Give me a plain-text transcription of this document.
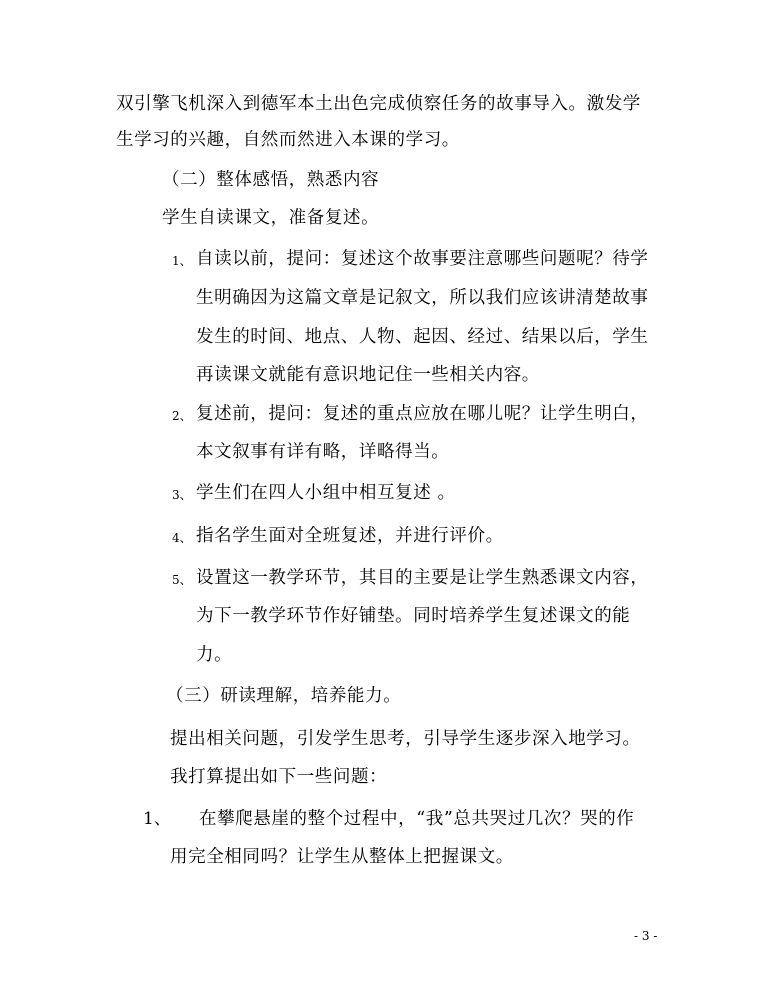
双引擎飞机深入到德军本土出色完成侦察任务的故事导入。激发学
生学习的兴趣，自然而然进入本课的学习。
（二）整体感悟，熟悉内容
学生自读课文，准备复述。
1、 自读以前，提问：复述这个故事要注意哪些问题呢？待学
生明确因为这篇文章是记叙文，所以我们应该讲清楚故事
发生的时间、地点、人物、起因、经过、结果以后，学生
再读课文就能有意识地记住一些相关内容。
2、 复述前，提问：复述的重点应放在哪儿呢？让学生明白，
本文叙事有详有略，详略得当。
3、 学生们在四人小组中相互复述 。
4、 指名学生面对全班复述，并进行评价。
5、 设置这一教学环节，其目的主要是让学生熟悉课文内容，
为下一教学环节作好铺垫。同时培养学生复述课文的能
力。
（三）研读理解，培养能力。
提出相关问题，引发学生思考，引导学生逐步深入地学习。
我打算提出如下一些问题：
1、 在攀爬悬崖的整个过程中，“我”总共哭过几次？哭的作
用完全相同吗？让学生从整体上把握课文。
- 3 -
